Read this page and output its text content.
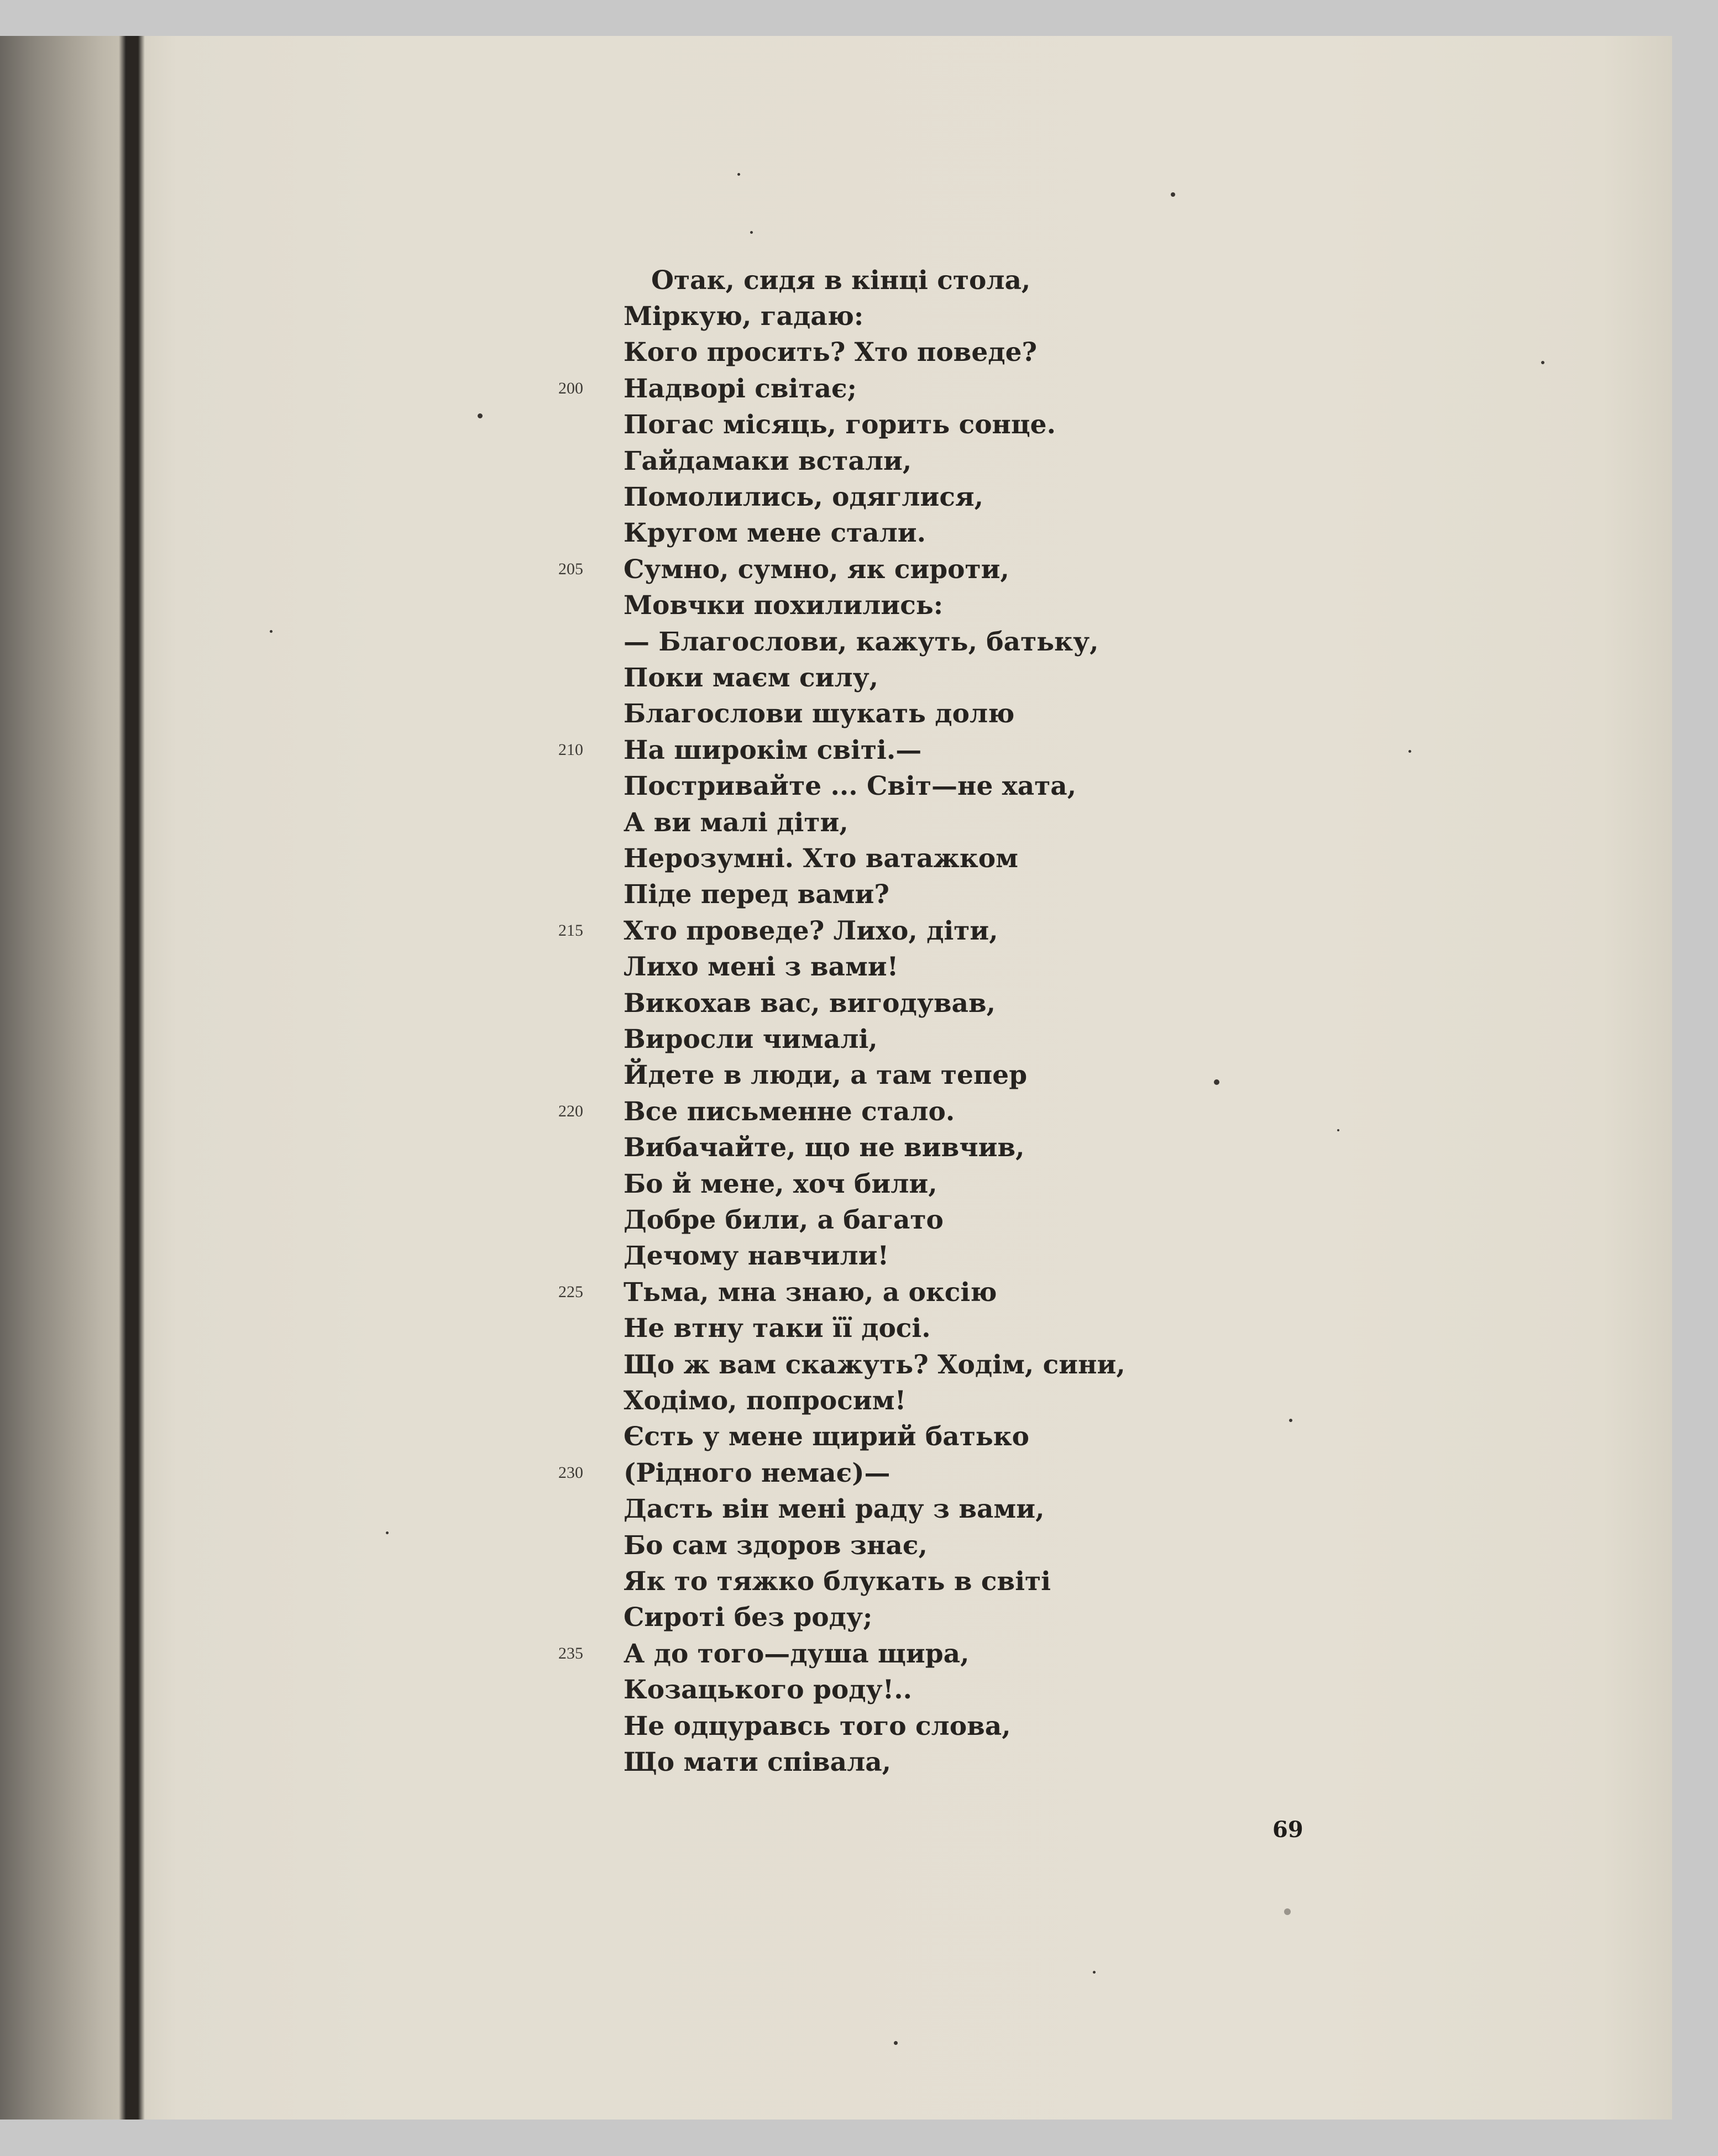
Отак, сидя в кінці стола,
Міркую, гадаю:
Кого просить? Хто поведе?
200 Надворі світає;
Погас місяць, горить сонце.
Гайдамаки встали,
Помолились, одяглися,
Кругом мене стали.
205 Сумно, сумно, як сироти,
Мовчки похилились:
— Благослови, кажуть, батьку,
Поки маєм силу,
Благослови шукать долю
210 На широкім світі.—
Постривайте ... Світ—не хата,
А ви малі діти,
Нерозумні. Хто ватажком
Піде перед вами?
215 Хто проведе? Лихо, діти,
Лихо мені з вами!
Викохав вас, вигодував,
Виросли чималі,
Йдете в люди, а там тепер
220 Все письменне стало.
Вибачайте, що не вивчив,
Бо й мене, хоч били,
Добре били, а багато
Дечому навчили!
225 Тьма, мна знаю, а оксію
Не втну таки її досі.
Що ж вам скажуть? Ходім, сини,
Ходімо, попросим!
Єсть у мене щирий батько
230 (Рідного немає)—
Дасть він мені раду з вами,
Бо сам здоров знає,
Як то тяжко блукать в світі
Сироті без роду;
235 А до того—душа щира,
Козацького роду!..
Не одцуравсь того слова,
Що мати співала,
69
